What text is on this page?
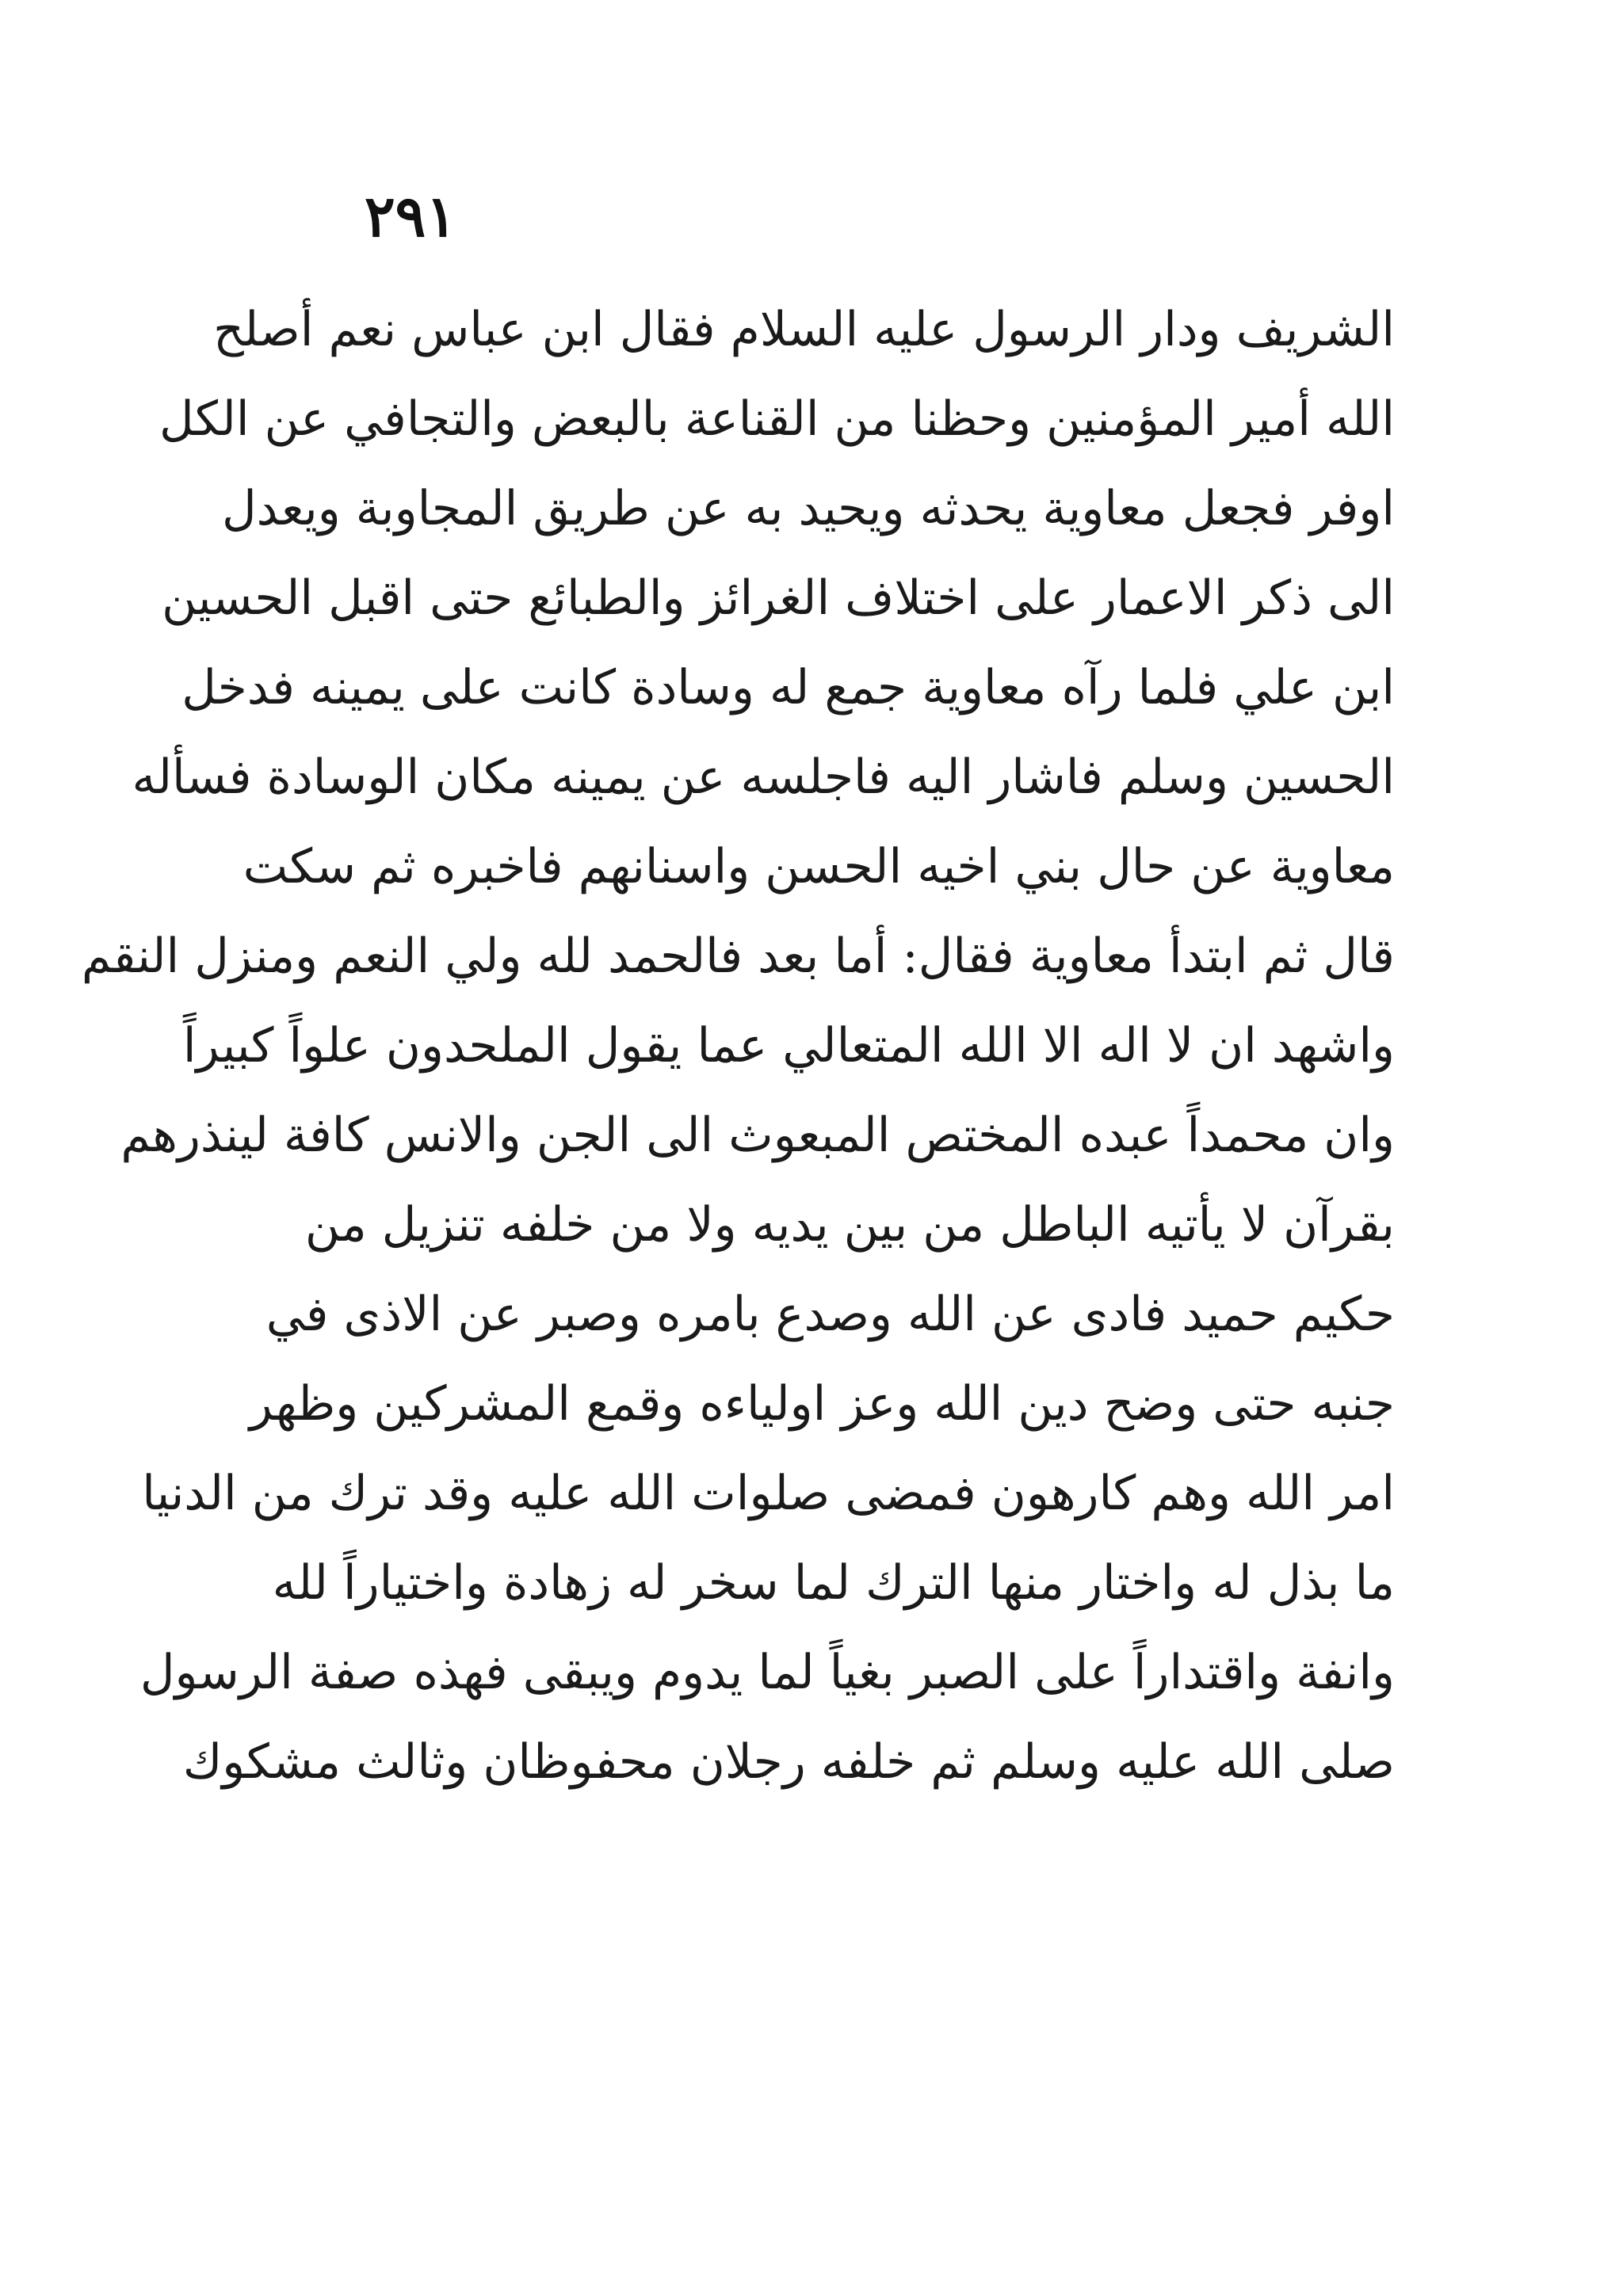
٢٩١
الشريف ودار الرسول عليه السلام فقال ابن عباس نعم أصلح
الله أمير المؤمنين وحظنا من القناعة بالبعض والتجافي عن الكل
اوفر فجعل معاوية يحدثه ويحيد به عن طريق المجاوبة ويعدل
الى ذكر الاعمار على اختلاف الغرائز والطبائع حتى اقبل الحسين
ابن علي فلما رآه معاوية جمع له وسادة كانت على يمينه فدخل
الحسين وسلم فاشار اليه فاجلسه عن يمينه مكان الوسادة فسأله
معاوية عن حال بني اخيه الحسن واسنانهم فاخبره ثم سكت
قال ثم ابتدأ معاوية فقال: أما بعد فالحمد لله ولي النعم ومنزل النقم
واشهد ان لا اله الا الله المتعالي عما يقول الملحدون علواً كبيراً
وان محمداً عبده المختص المبعوث الى الجن والانس كافة لينذرهم
بقرآن لا يأتيه الباطل من بين يديه ولا من خلفه تنزيل من
حكيم حميد فادى عن الله وصدع بامره وصبر عن الاذى في
جنبه حتى وضح دين الله وعز اولياءه وقمع المشركين وظهر
امر الله وهم كارهون فمضى صلوات الله عليه وقد ترك من الدنيا
ما بذل له واختار منها الترك لما سخر له زهادة واختياراً لله
وانفة واقتداراً على الصبر بغياً لما يدوم ويبقى فهذه صفة الرسول
صلى الله عليه وسلم ثم خلفه رجلان محفوظان وثالث مشكوك
